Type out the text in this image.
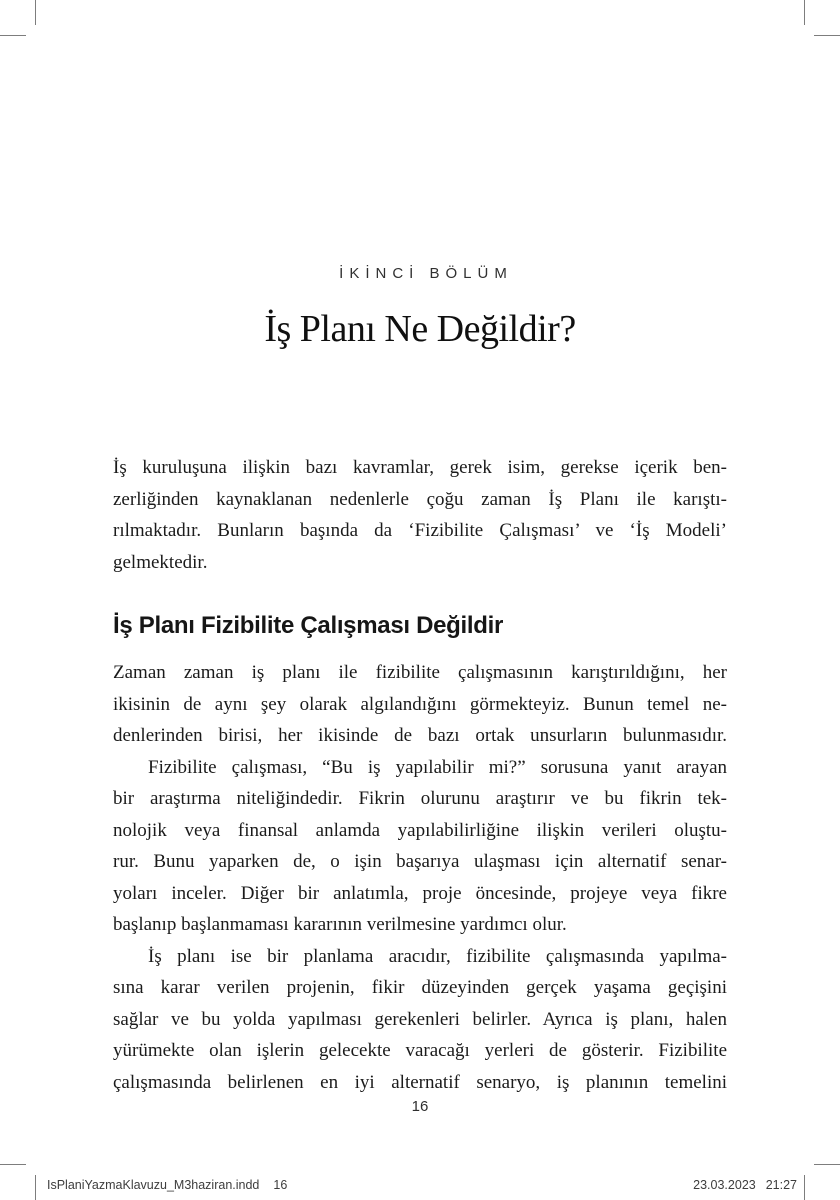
İKİNCİ BÖLÜM
İş Planı Ne Değildir?
İş kuruluşuna ilişkin bazı kavramlar, gerek isim, gerekse içerik ben-
zerliğinden kaynaklanan nedenlerle çoğu zaman İş Planı ile karıştı-
rılmaktadır. Bunların başında da ‘Fizibilite Çalışması’ ve ‘İş Modeli’
gelmektedir.
İş Planı Fizibilite Çalışması Değildir
Zaman zaman iş planı ile fizibilite çalışmasının karıştırıldığını, her
ikisinin de aynı şey olarak algılandığını görmekteyiz. Bunun temel ne-
denlerinden birisi, her ikisinde de bazı ortak unsurların bulunmasıdır.
Fizibilite çalışması, “Bu iş yapılabilir mi?” sorusuna yanıt arayan
bir araştırma niteliğindedir. Fikrin olurunu araştırır ve bu fikrin tek-
nolojik veya finansal anlamda yapılabilirliğine ilişkin verileri oluştu-
rur. Bunu yaparken de, o işin başarıya ulaşması için alternatif senar-
yoları inceler. Diğer bir anlatımla, proje öncesinde, projeye veya fikre
başlanıp başlanmaması kararının verilmesine yardımcı olur.
İş planı ise bir planlama aracıdır, fizibilite çalışmasında yapılma-
sına karar verilen projenin, fikir düzeyinden gerçek yaşama geçişini
sağlar ve bu yolda yapılması gerekenleri belirler. Ayrıca iş planı, halen
yürümekte olan işlerin gelecekte varacağı yerleri de gösterir. Fizibilite
çalışmasında belirlenen en iyi alternatif senaryo, iş planının temelini
16
IsPlaniYazmaKlavuzu_M3haziran.indd 16	23.03.2023 21:27
